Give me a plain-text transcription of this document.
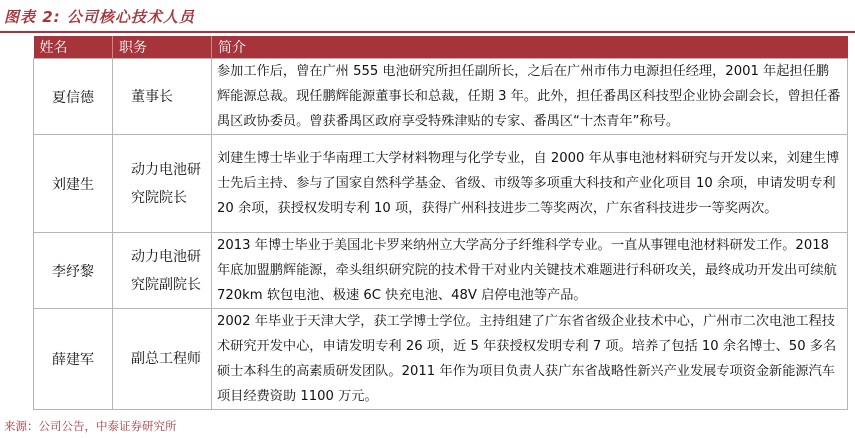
图表 2: 公司核心技术人员
姓名	职务	简介
夏信德	董事长	参加工作后，曾在广州 555 电池研究所担任副所长，之后在广州市伟力电源担任经理，2001 年起担任鹏辉能源总裁。现任鹏辉能源董事长和总裁，任期 3 年。此外，担任番禺区科技型企业协会副会长，曾担任番禺区政协委员。曾获番禺区政府享受特殊津贴的专家、番禺区“十杰青年”称号。
刘建生	动力电池研究院院长	刘建生博士毕业于华南理工大学材料物理与化学专业，自 2000 年从事电池材料研究与开发以来，刘建生博士先后主持、参与了国家自然科学基金、省级、市级等多项重大科技和产业化项目 10 余项，申请发明专利 20 余项，获授权发明专利 10 项，获得广州科技进步二等奖两次，广东省科技进步一等奖两次。
李纾黎	动力电池研究院副院长	2013 年博士毕业于美国北卡罗来纳州立大学高分子纤维科学专业。一直从事锂电池材料研发工作。2018 年底加盟鹏辉能源，牵头组织研究院的技术骨干对业内关键技术难题进行科研攻关，最终成功开发出可续航 720km 软包电池、极速 6C 快充电池、48V 启停电池等产品。
薛建军	副总工程师	2002 年毕业于天津大学，获工学博士学位。主持组建了广东省省级企业技术中心，广州市二次电池工程技术研究开发中心，申请发明专利 26 项，近 5 年获授权发明专利 7 项。培养了包括 10 余名博士、50 多名硕士本科生的高素质研发团队。2011 年作为项目负责人获广东省战略性新兴产业发展专项资金新能源汽车项目经费资助 1100 万元。
来源：公司公告，中泰证券研究所
